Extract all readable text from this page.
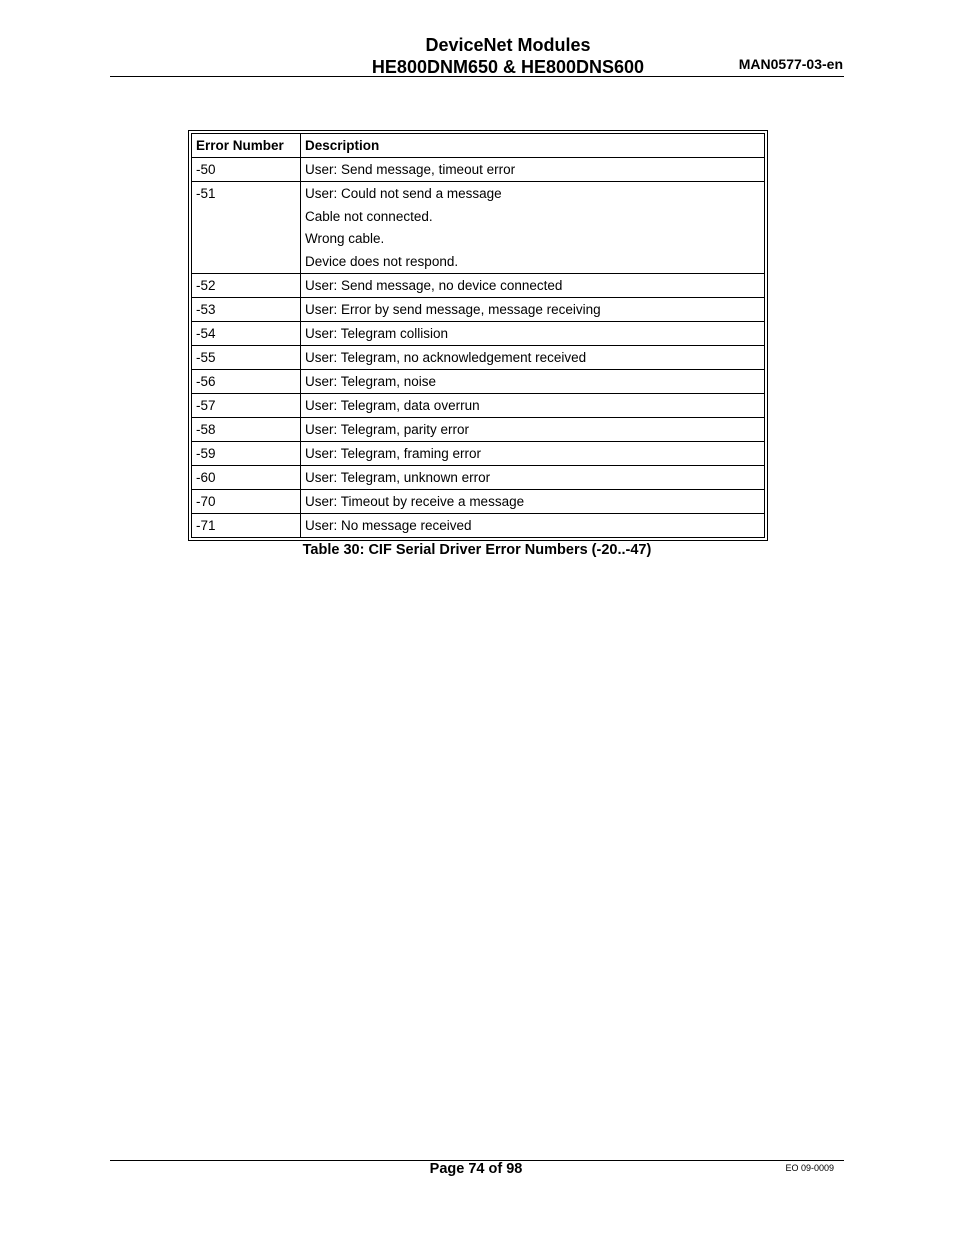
DeviceNet Modules
HE800DNM650 & HE800DNS600	MAN0577-03-en
Error Number	Description
-50	User: Send message, timeout error

-51	User: Could not send a message
Cable not connected.
Wrong cable.
Device does not respond.

-52	User: Send message, no device connected

-53	User: Error by send message, message receiving

-54	User: Telegram collision

-55	User: Telegram, no acknowledgement received

-56	User: Telegram, noise

-57	User: Telegram, data overrun

-58	User: Telegram, parity error

-59	User: Telegram, framing error

-60	User: Telegram, unknown error

-70	User: Timeout by receive a message

-71	User: No message received
Table 30: CIF Serial Driver Error Numbers (-20..-47)
Page 74 of 98	EO 09-0009
